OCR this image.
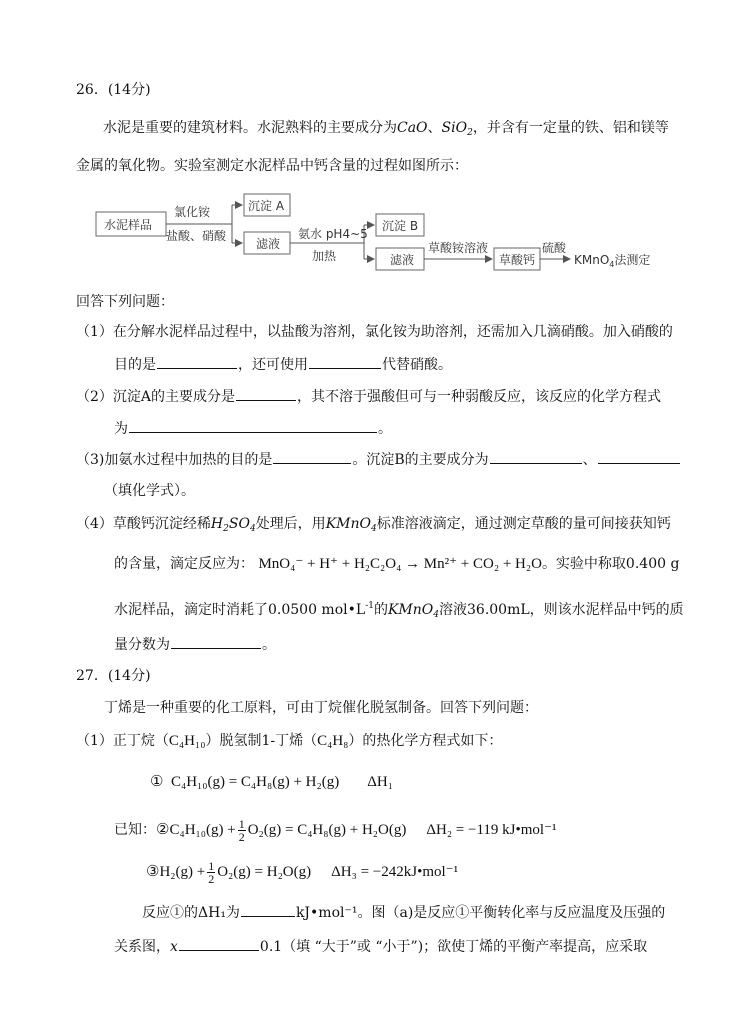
26．(14分)
水泥是重要的建筑材料。水泥熟料的主要成分为CaO、SiO$_2$，并含有一定量的铁、铝和镁等
金属的氧化物。实验室测定水泥样品中钙含量的过程如图所示：
水泥样品
氯化铵
盐酸、硝酸
沉淀 A
滤液
氨水 pH4~5
加热
沉淀 B
滤液
草酸铵溶液
草酸钙
硫酸
KMnO$_4$法测定
回答下列问题：
（1）在分解水泥样品过程中，以盐酸为溶剂，氯化铵为助溶剂，还需加入几滴硝酸。加入硝酸的
目的是	，还可使用	代替硝酸。
（2）沉淀A的主要成分是	，其不溶于强酸但可与一种弱酸反应，该反应的化学方程式
为	。
（3)加氨水过程中加热的目的是	。沉淀B的主要成分为	、
（填化学式）。
（4）草酸钙沉淀经稀$H_2SO_4$处理后，用KMnO$_4$标准溶液滴定，通过测定草酸的量可间接获知钙
的含量，滴定反应为： MnO₄⁻ + H⁺ + H₂C₂O₄ → Mn²⁺ + CO₂ + H₂O。实验中称取0.400 g
水泥样品，滴定时消耗了0.0500 $mol•L^{-1}$的KMnO$_4$溶液36.00mL，则该水泥样品中钙的质
量分数为	。
27．(14分)
丁烯是一种重要的化工原料，可由丁烷催化脱氢制备。回答下列问题：
（1）正丁烷（C₄H₁₀）脱氢制1-丁烯（C₄H₈）的热化学方程式如下：
① C₄H₁₀(g) = C₄H₈(g) + H₂(g) ΔH₁
已知：②C₄H₁₀(g) + $\frac{1}{2} O_2(g) = C_4H_8(g) + H_2O(g) \Delta H_2 = -119$ kJ•mol⁻¹
③H₂(g) + $\frac{1}{2} O_2(g) = H_2O(g) \Delta H_3$ = −242kJ•mol⁻¹
反应①的ΔH₁为	kJ•mol⁻¹。图（a)是反应①平衡转化率与反应温度及压强的
关系图，x	0.1（填 “大于”或 “小于”)；欲使丁烯的平衡产率提高，应采取
